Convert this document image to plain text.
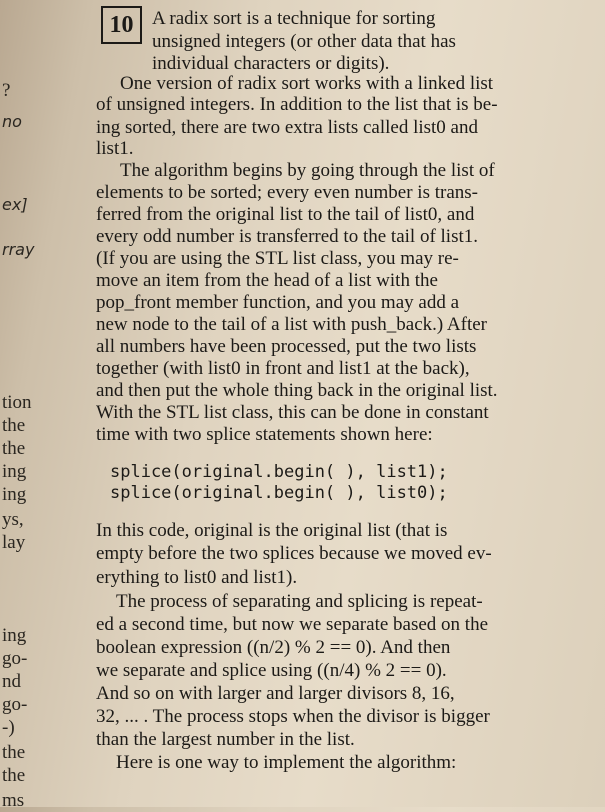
?
no
ex]
rray
tion
the
the
ing
ing
ys,
lay
ing
go-
nd
go-
-)
the
the
ms
10 A radix sort is a technique for sorting
unsigned integers (or other data that has
individual characters or digits).
One version of radix sort works with a linked list
of unsigned integers. In addition to the list that is be-
ing sorted, there are two extra lists called list0 and
list1.
The algorithm begins by going through the list of
elements to be sorted; every even number is trans-
ferred from the original list to the tail of list0, and
every odd number is transferred to the tail of list1.
(If you are using the STL list class, you may re-
move an item from the head of a list with the
pop_front member function, and you may add a
new node to the tail of a list with push_back.) After
all numbers have been processed, put the two lists
together (with list0 in front and list1 at the back),
and then put the whole thing back in the original list.
With the STL list class, this can be done in constant
time with two splice statements shown here:
splice(original.begin( ), list1);
splice(original.begin( ), list0);
In this code, original is the original list (that is
empty before the two splices because we moved ev-
erything to list0 and list1).
The process of separating and splicing is repeat-
ed a second time, but now we separate based on the
boolean expression ((n/2) % 2 == 0). And then
we separate and splice using ((n/4) % 2 == 0).
And so on with larger and larger divisors 8, 16,
32, ... . The process stops when the divisor is bigger
than the largest number in the list.
Here is one way to implement the algorithm:
